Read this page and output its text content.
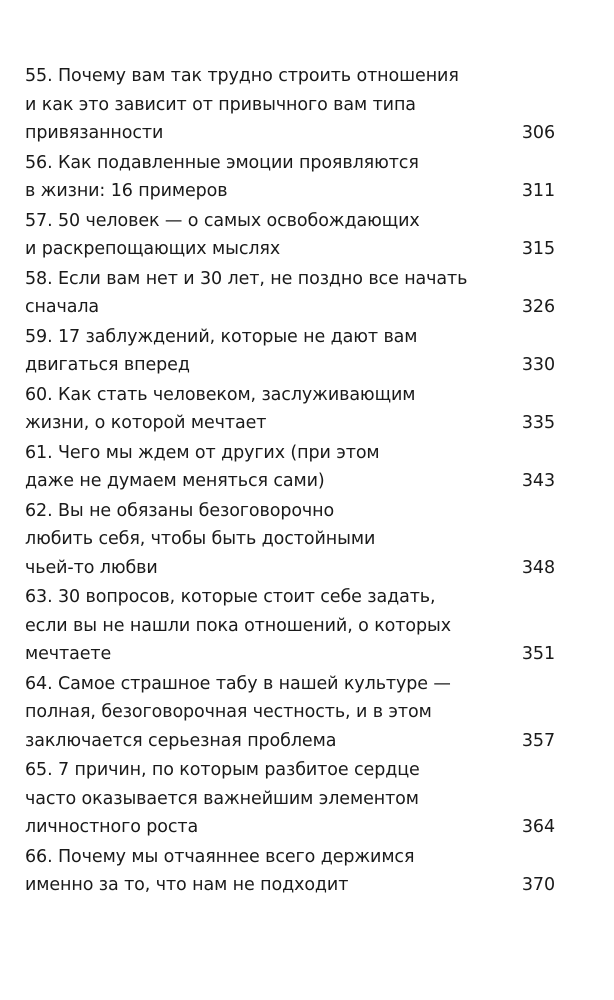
55. Почему вам так трудно строить отношения
и как это зависит от привычного вам типа
привязанности	306
56. Как подавленные эмоции проявляются
в жизни: 16 примеров	311
57. 50 человек — о самых освобождающих
и раскрепощающих мыслях	315
58. Если вам нет и 30 лет, не поздно все начать
сначала	326
59. 17 заблуждений, которые не дают вам
двигаться вперед	330
60. Как стать человеком, заслуживающим
жизни, о которой мечтает	335
61. Чего мы ждем от других (при этом
даже не думаем меняться сами)	343
62. Вы не обязаны безоговорочно
любить себя, чтобы быть достойными
чьей-то любви	348
63. 30 вопросов, которые стоит себе задать,
если вы не нашли пока отношений, о которых
мечтаете	351
64. Самое страшное табу в нашей культуре —
полная, безоговорочная честность, и в этом
заключается серьезная проблема	357
65. 7 причин, по которым разбитое сердце
часто оказывается важнейшим элементом
личностного роста	364
66. Почему мы отчаяннее всего держимся
именно за то, что нам не подходит	370
